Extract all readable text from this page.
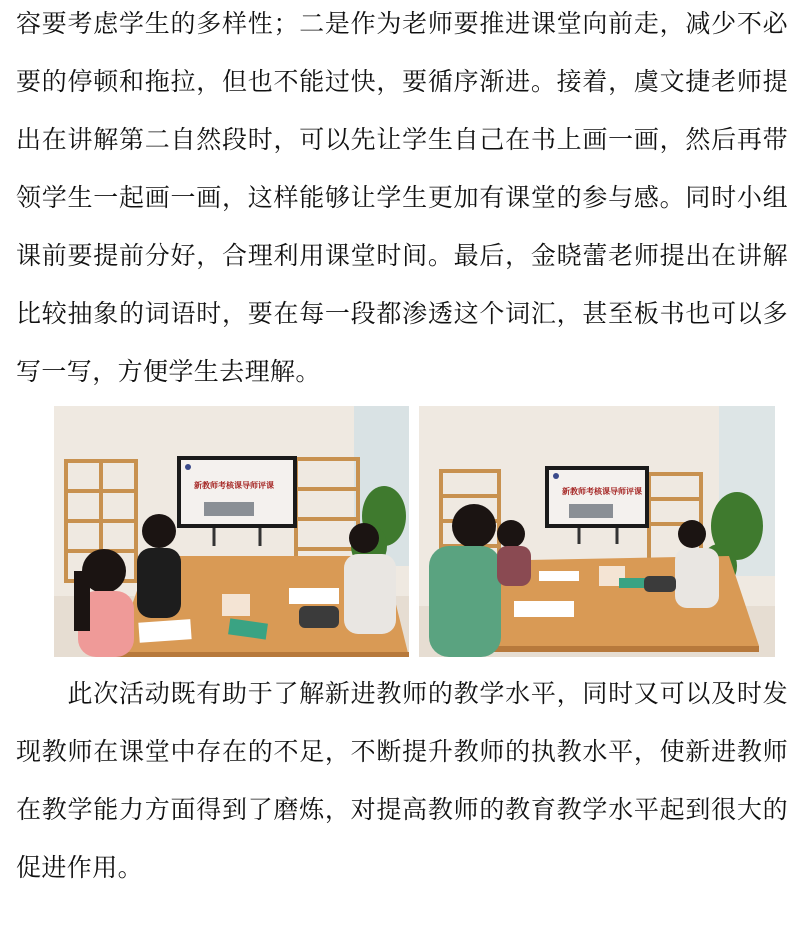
容要考虑学生的多样性；二是作为老师要推进课堂向前走，减少不必要的停顿和拖拉，但也不能过快，要循序渐进。接着，虞文捷老师提出在讲解第二自然段时，可以先让学生自己在书上画一画，然后再带领学生一起画一画，这样能够让学生更加有课堂的参与感。同时小组课前要提前分好，合理利用课堂时间。最后，金晓蕾老师提出在讲解比较抽象的词语时，要在每一段都渗透这个词汇，甚至板书也可以多写一写，方便学生去理解。

新教师考核课导师评课
新教师考核课导师评课

　　此次活动既有助于了解新进教师的教学水平，同时又可以及时发现教师在课堂中存在的不足，不断提升教师的执教水平，使新进教师在教学能力方面得到了磨炼，对提高教师的教育教学水平起到很大的促进作用。
